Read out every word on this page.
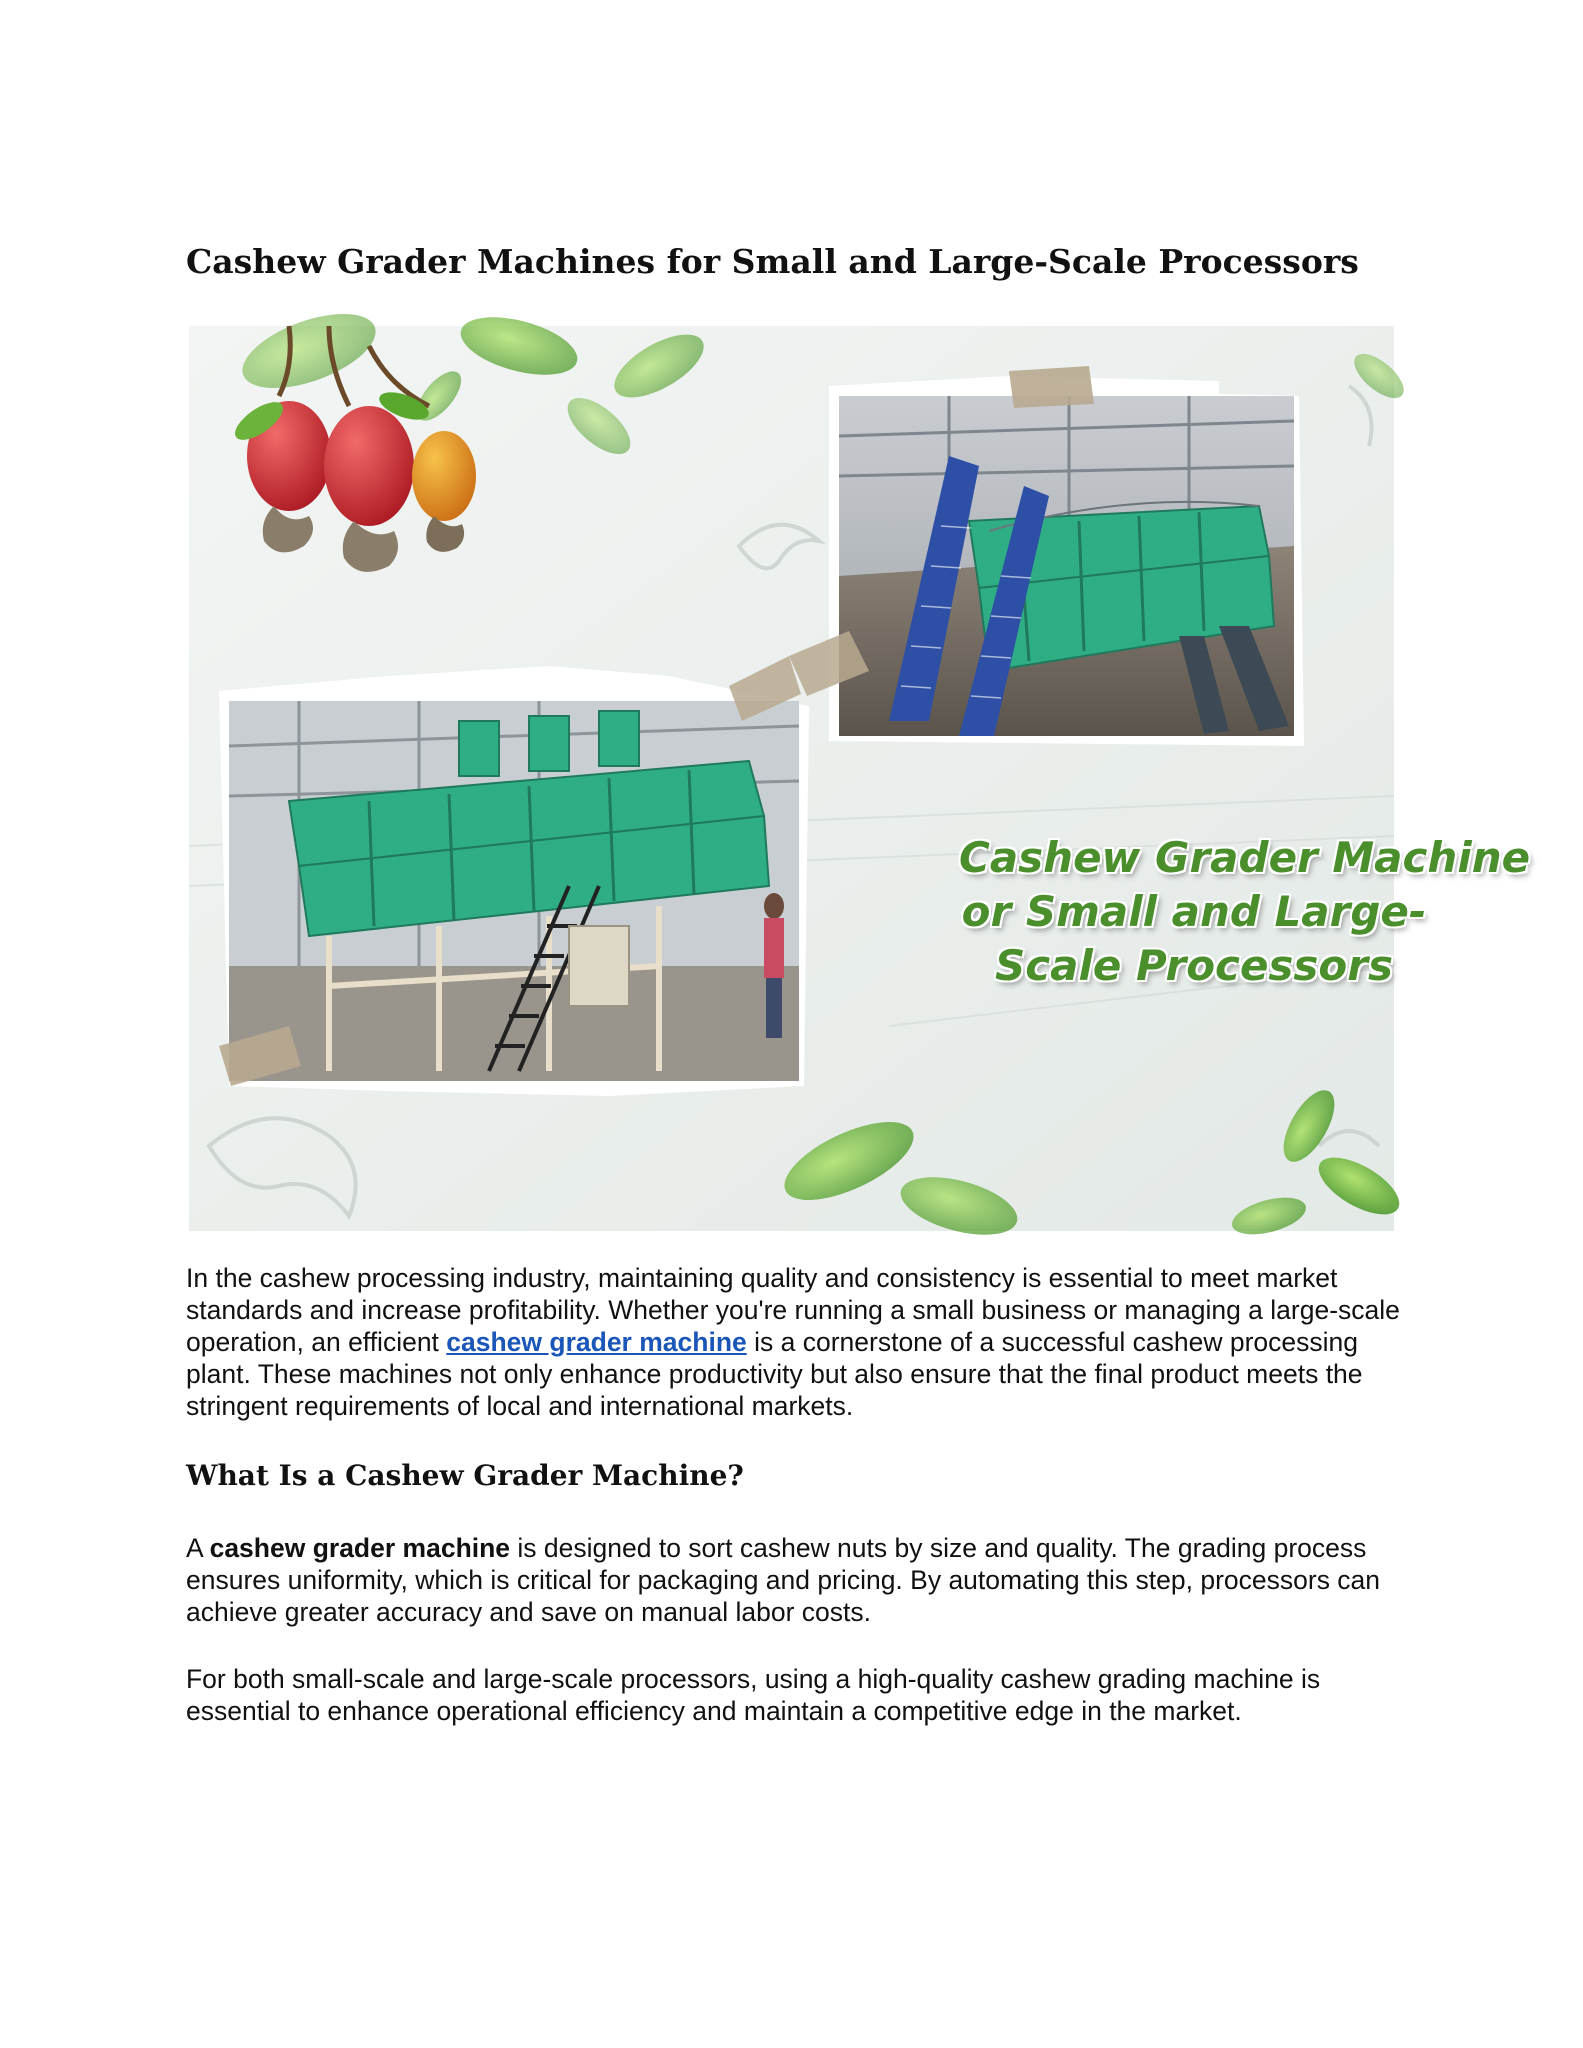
Cashew Grader Machines for Small and Large-Scale Processors
Cashew Grader Machine
or Small and Large-
Scale Processors

In the cashew processing industry, maintaining quality and consistency is essential to meet market standards and increase profitability. Whether you're running a small business or managing a large-scale operation, an efficient cashew grader machine is a cornerstone of a successful cashew processing plant. These machines not only enhance productivity but also ensure that the final product meets the stringent requirements of local and international markets.

What Is a Cashew Grader Machine?

A cashew grader machine is designed to sort cashew nuts by size and quality. The grading process ensures uniformity, which is critical for packaging and pricing. By automating this step, processors can achieve greater accuracy and save on manual labor costs.

For both small-scale and large-scale processors, using a high-quality cashew grading machine is essential to enhance operational efficiency and maintain a competitive edge in the market.
